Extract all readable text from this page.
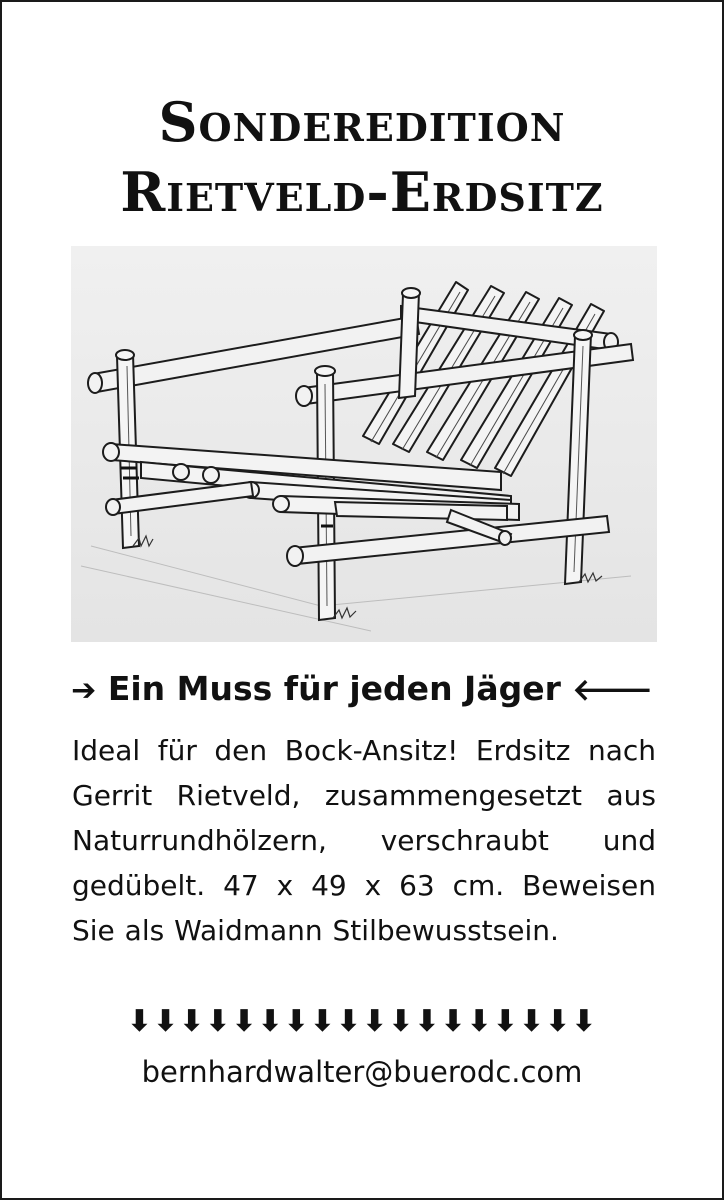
Sonderedition
Rietveld-Erdsitz
➔ Ein Muss für jeden Jäger 🡐
Ideal für den Bock-Ansitz! Erdsitz nach
Gerrit Rietveld, zusammengesetzt aus
Naturrundhölzern, verschraubt und
gedübelt. 47 x 49 x 63 cm. Beweisen
Sie als Waidmann Stilbewusstsein.
⬇⬇⬇⬇⬇⬇⬇⬇⬇⬇⬇⬇⬇⬇⬇⬇⬇⬇
bernhardwalter@buerodc.com
